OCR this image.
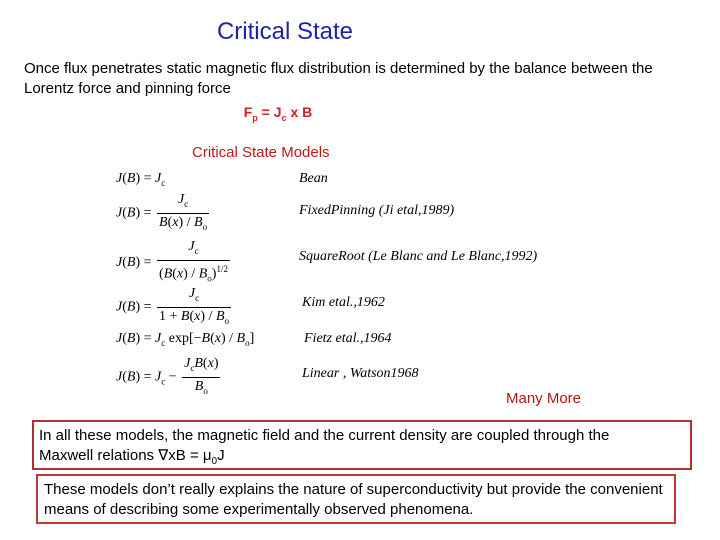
Critical State
Once flux penetrates static magnetic flux distribution is determined by the balance between the Lorentz force and pinning force
$F_p = J_c$ x B
Critical State Models
$J(B) = J_c$
$J(B) = \frac{J_c}{B(x) / B_o}$
$J(B) = \frac{J_c}{(B(x) / B_o)^{1/2}}$
$J(B) = \frac{J_c}{1 + B(x) / B_o}$
$J(B) = J_c$ $\exp[-B(x) / B_o]$
$J(B) = J_c - \frac{J_cB(x)}{B_o}$
Bean
FixedPinning (Ji etal,1989)
SquareRoot (Le Blanc and Le Blanc,1992)
Kim etal.,1962
Fietz etal.,1964
Linear , Watson1968
Many More
In all these models, the magnetic field and the current density are coupled through the
Maxwell relations $\nabla xB = \mu_0J$
These models don’t really explains the nature of superconductivity but provide the convenient means of describing some experimentally observed phenomena.
